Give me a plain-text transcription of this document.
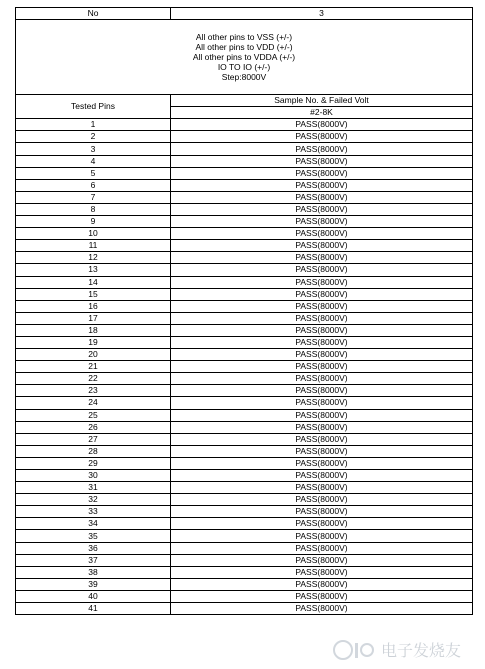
No	3

All other pins to VSS (+/-)
All other pins to VDD (+/-)
All other pins to VDDA (+/-)
IO TO IO (+/-)
Step:8000V	

Tested Pins	Sample No. & Failed Volt
	#2-8K
1	PASS(8000V)
2	PASS(8000V)
3	PASS(8000V)
4	PASS(8000V)
5	PASS(8000V)
6	PASS(8000V)
7	PASS(8000V)
8	PASS(8000V)
9	PASS(8000V)
10	PASS(8000V)
11	PASS(8000V)
12	PASS(8000V)
13	PASS(8000V)
14	PASS(8000V)
15	PASS(8000V)
16	PASS(8000V)
17	PASS(8000V)
18	PASS(8000V)
19	PASS(8000V)
20	PASS(8000V)
21	PASS(8000V)
22	PASS(8000V)
23	PASS(8000V)
24	PASS(8000V)
25	PASS(8000V)
26	PASS(8000V)
27	PASS(8000V)
28	PASS(8000V)
29	PASS(8000V)
30	PASS(8000V)
31	PASS(8000V)
32	PASS(8000V)
33	PASS(8000V)
34	PASS(8000V)
35	PASS(8000V)
36	PASS(8000V)
37	PASS(8000V)
38	PASS(8000V)
39	PASS(8000V)
40	PASS(8000V)
41	PASS(8000V)
电子发烧友
